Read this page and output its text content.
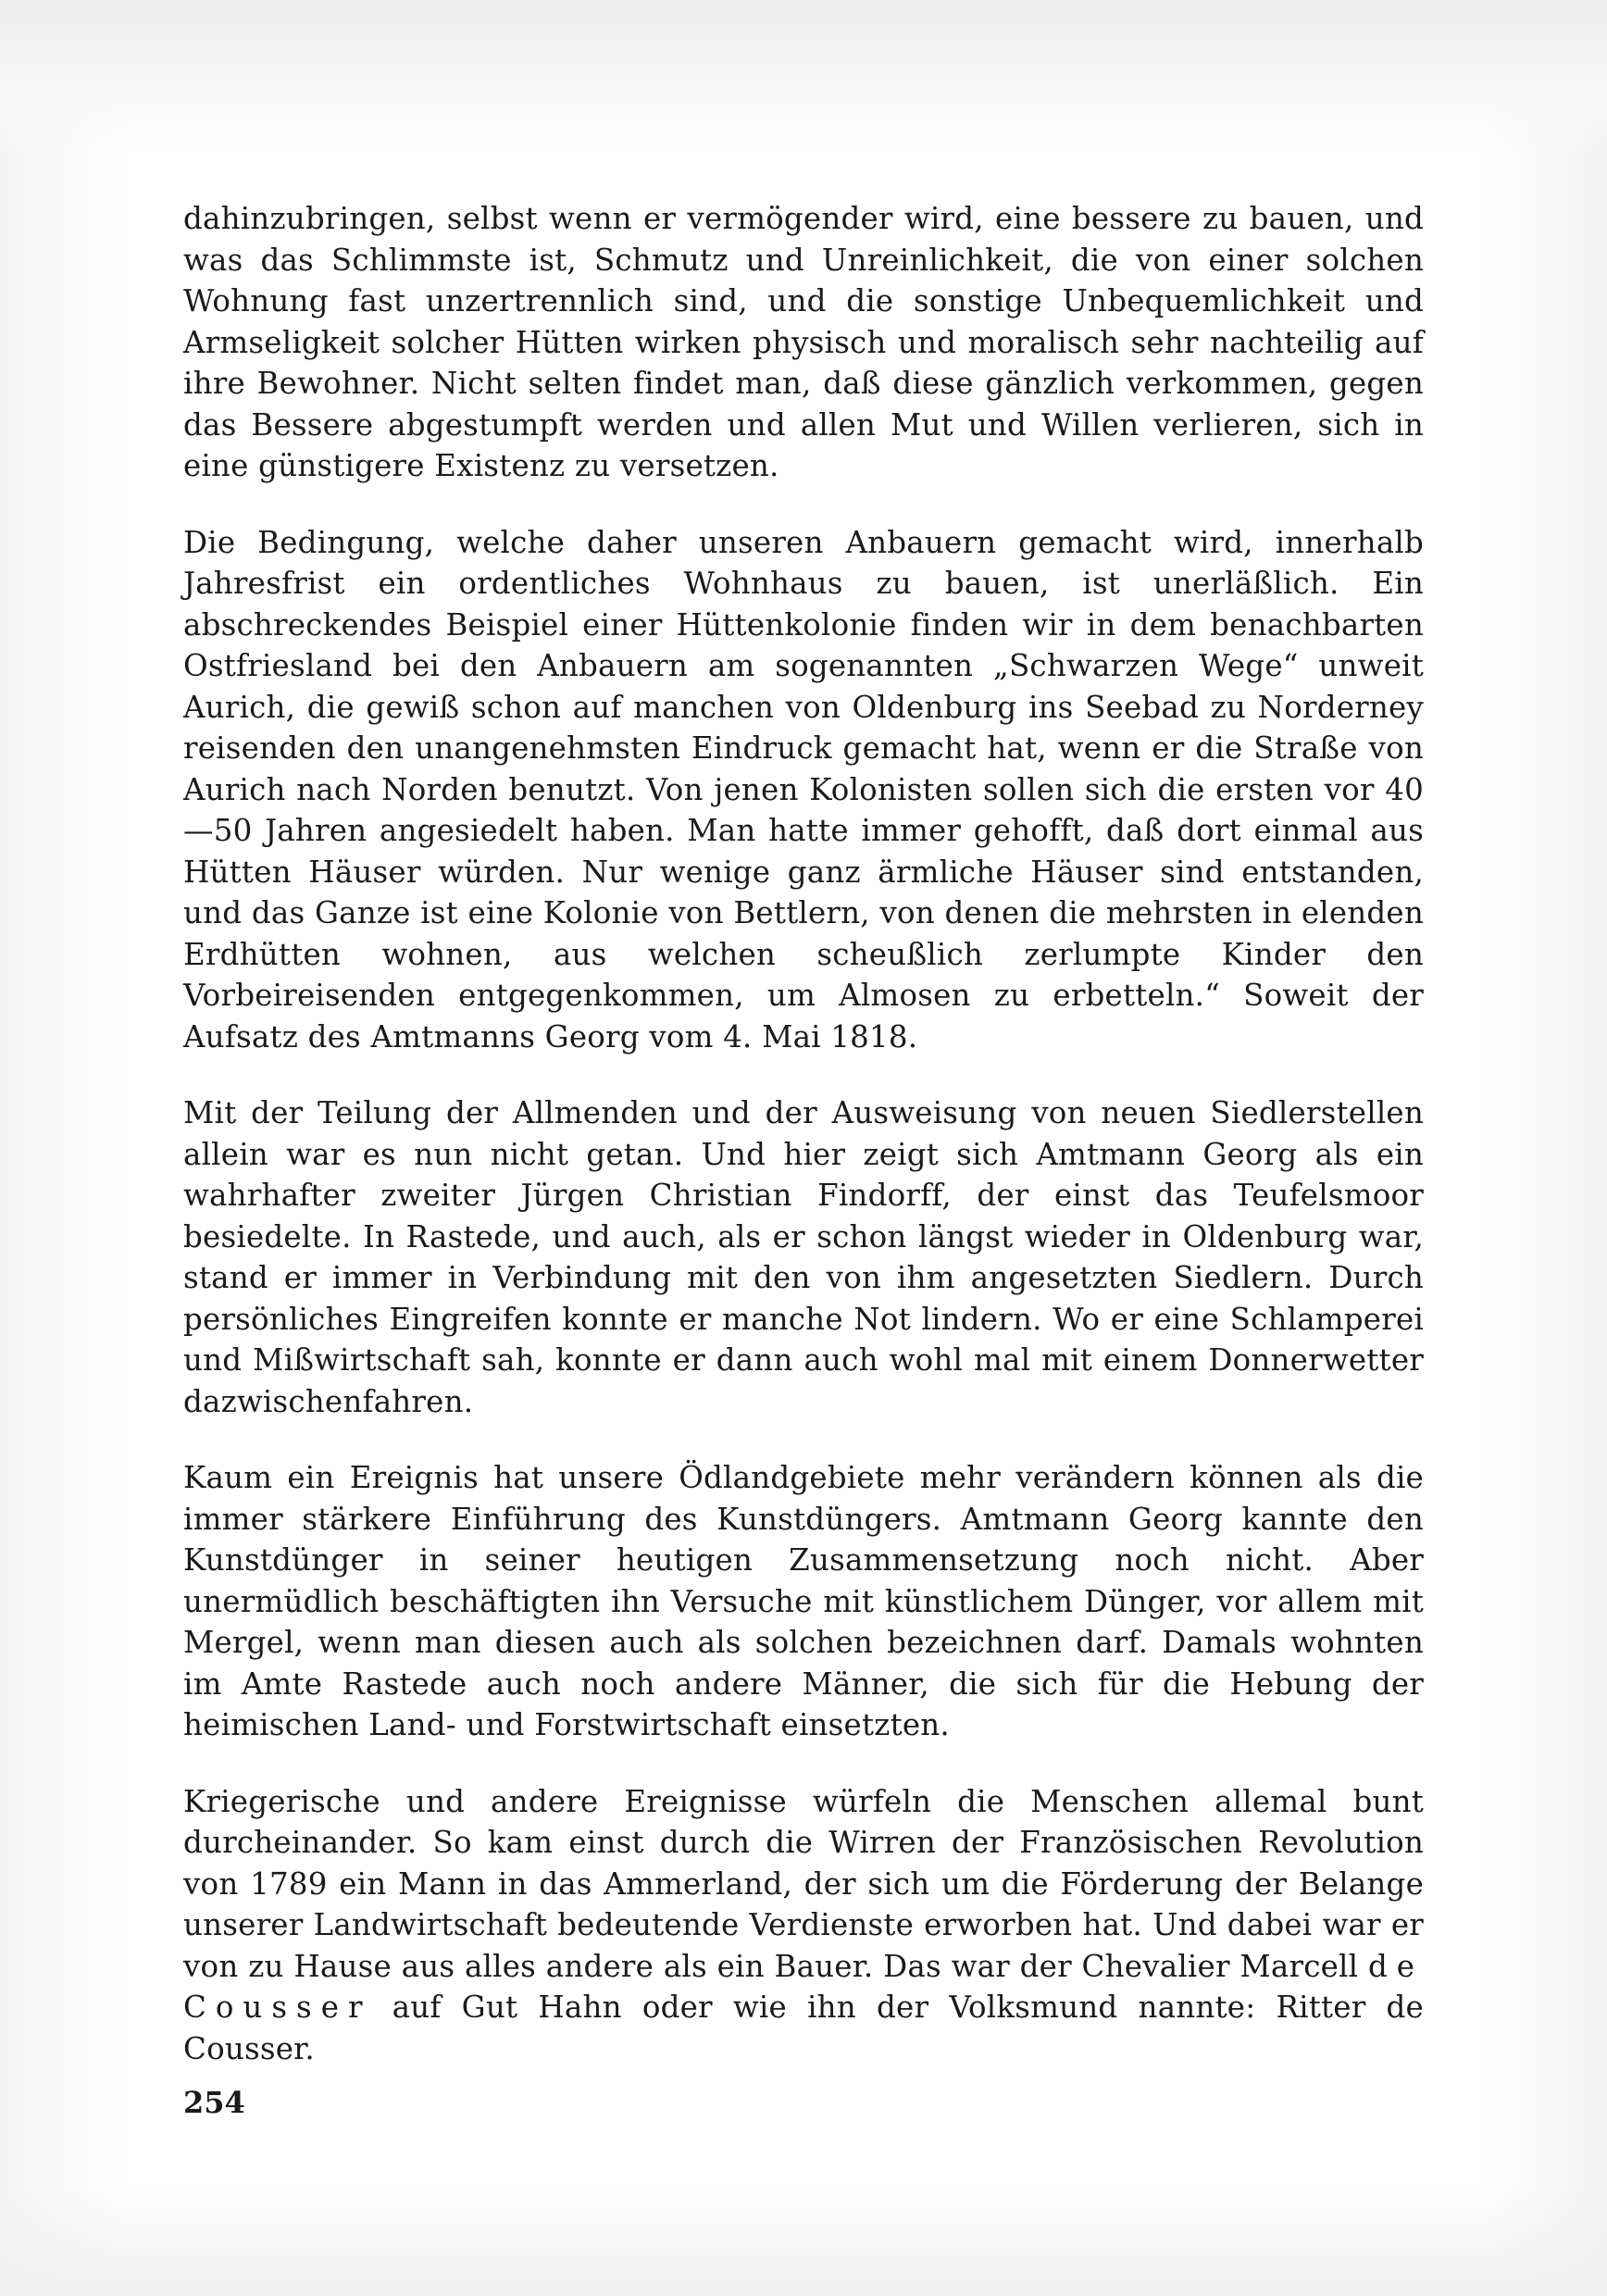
dahinzubringen, selbst wenn er vermögender wird, eine bessere zu bauen, und was das Schlimmste ist, Schmutz und Unreinlichkeit, die von einer solchen Wohnung fast unzertrennlich sind, und die sonstige Unbequemlichkeit und Armseligkeit solcher Hütten wirken physisch und moralisch sehr nachteilig auf ihre Bewohner. Nicht selten findet man, daß diese gänzlich verkommen, gegen das Bessere abgestumpft werden und allen Mut und Willen verlieren, sich in eine günstigere Existenz zu versetzen.

Die Bedingung, welche daher unseren Anbauern gemacht wird, innerhalb Jahresfrist ein ordentliches Wohnhaus zu bauen, ist unerläßlich. Ein abschreckendes Beispiel einer Hüttenkolonie finden wir in dem benachbarten Ostfriesland bei den Anbauern am sogenannten „Schwarzen Wege“ unweit Aurich, die gewiß schon auf manchen von Oldenburg ins Seebad zu Norderney reisenden den unangenehmsten Eindruck gemacht hat, wenn er die Straße von Aurich nach Norden benutzt. Von jenen Kolonisten sollen sich die ersten vor 40—50 Jahren angesiedelt haben. Man hatte immer gehofft, daß dort einmal aus Hütten Häuser würden. Nur wenige ganz ärmliche Häuser sind entstanden, und das Ganze ist eine Kolonie von Bettlern, von denen die mehrsten in elenden Erdhütten wohnen, aus welchen scheußlich zerlumpte Kinder den Vorbeireisenden entgegenkommen, um Almosen zu erbetteln.“ Soweit der Aufsatz des Amtmanns Georg vom 4. Mai 1818.

Mit der Teilung der Allmenden und der Ausweisung von neuen Siedlerstellen allein war es nun nicht getan. Und hier zeigt sich Amtmann Georg als ein wahrhafter zweiter Jürgen Christian Findorff, der einst das Teufelsmoor besiedelte. In Rastede, und auch, als er schon längst wieder in Oldenburg war, stand er immer in Verbindung mit den von ihm angesetzten Siedlern. Durch persönliches Eingreifen konnte er manche Not lindern. Wo er eine Schlamperei und Mißwirtschaft sah, konnte er dann auch wohl mal mit einem Donnerwetter dazwischenfahren.

Kaum ein Ereignis hat unsere Ödlandgebiete mehr verändern können als die immer stärkere Einführung des Kunstdüngers. Amtmann Georg kannte den Kunstdünger in seiner heutigen Zusammensetzung noch nicht. Aber unermüdlich beschäftigten ihn Versuche mit künstlichem Dünger, vor allem mit Mergel, wenn man diesen auch als solchen bezeichnen darf. Damals wohnten im Amte Rastede auch noch andere Männer, die sich für die Hebung der heimischen Land- und Forstwirtschaft einsetzten.

Kriegerische und andere Ereignisse würfeln die Menschen allemal bunt durcheinander. So kam einst durch die Wirren der Französischen Revolution von 1789 ein Mann in das Ammerland, der sich um die Förderung der Belange unserer Landwirtschaft bedeutende Verdienste erworben hat. Und dabei war er von zu Hause aus alles andere als ein Bauer. Das war der Chevalier Marcell de Cousser auf Gut Hahn oder wie ihn der Volksmund nannte: Ritter de Cousser.

254
